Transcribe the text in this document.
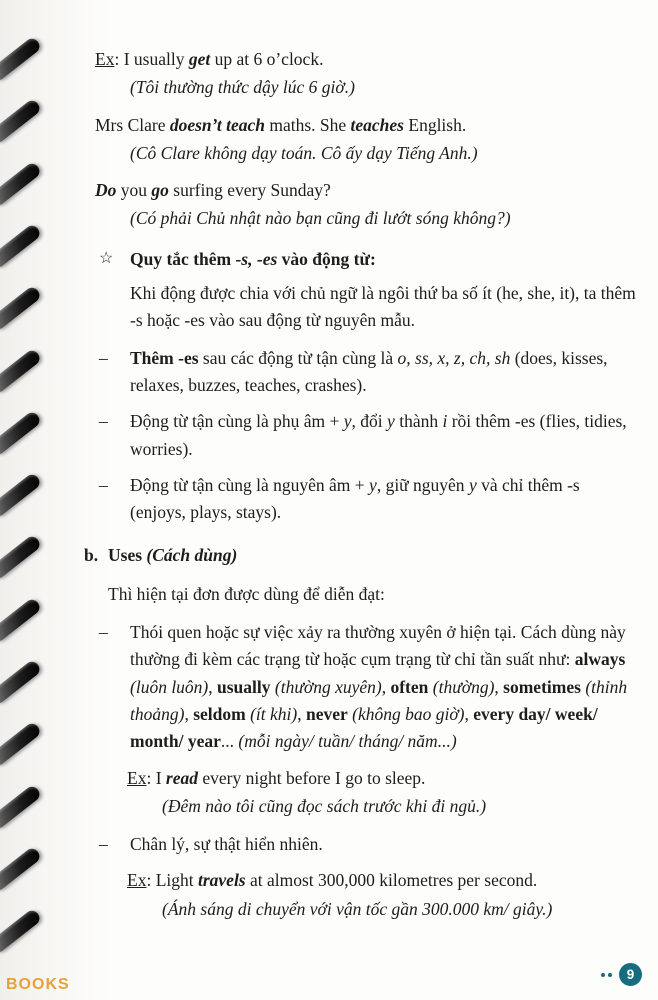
Ex: I usually get up at 6 o’clock.

(Tôi thường thức dậy lúc 6 giờ.)

Mrs Clare doesn’t teach maths. She teaches English.

(Cô Clare không dạy toán. Cô ấy dạy Tiếng Anh.)

Do you go surfing every Sunday?

(Có phải Chủ nhật nào bạn cũng đi lướt sóng không?)

☆ Quy tắc thêm -s, -es vào động từ:

Khi động được chia với chủ ngữ là ngôi thứ ba số ít (he, she, it), ta thêm -s hoặc -es vào sau động từ nguyên mẫu.

–	Thêm -es sau các động từ tận cùng là o, ss, x, z, ch, sh (does, kisses, relaxes, buzzes, teaches, crashes).

–	Động từ tận cùng là phụ âm + y, đổi y thành i rồi thêm -es (flies, tidies, worries).

–	Động từ tận cùng là nguyên âm + y, giữ nguyên y và chỉ thêm -s (enjoys, plays, stays).

b. Uses (Cách dùng)

Thì hiện tại đơn được dùng để diễn đạt:

–	Thói quen hoặc sự việc xảy ra thường xuyên ở hiện tại. Cách dùng này thường đi kèm các trạng từ hoặc cụm trạng từ chỉ tần suất như: always (luôn luôn), usually (thường xuyên), often (thường), sometimes (thỉnh thoảng), seldom (ít khi), never (không bao giờ), every day/ week/ month/ year... (mỗi ngày/ tuần/ tháng/ năm...)

Ex: I read every night before I go to sleep.

(Đêm nào tôi cũng đọc sách trước khi đi ngủ.)

–	Chân lý, sự thật hiển nhiên.

Ex: Light travels at almost 300,000 kilometres per second.

(Ánh sáng di chuyển với vận tốc gần 300.000 km/ giây.)

BOOKS
9
